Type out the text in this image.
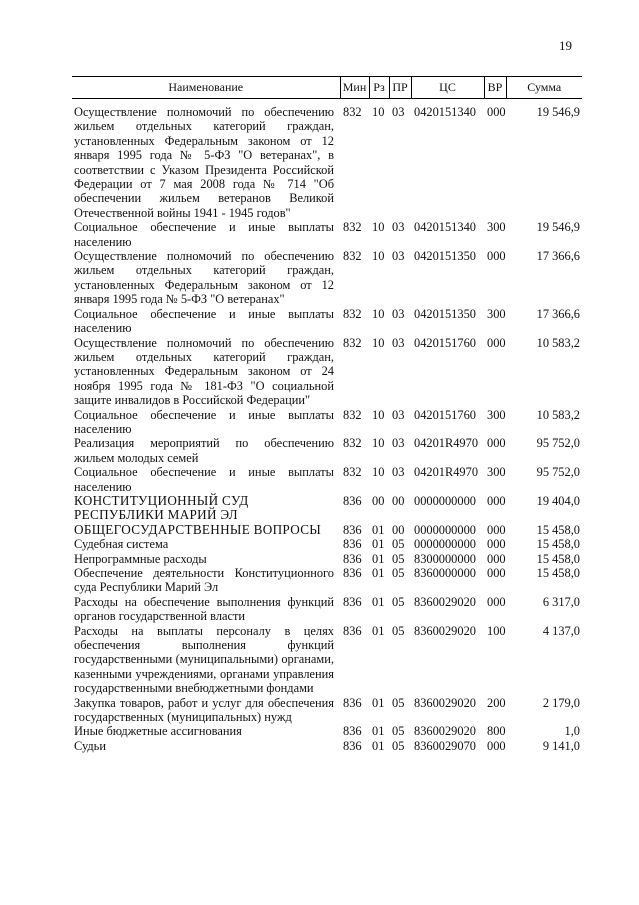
19
Наименование	Мин	Рз	ПР	ЦС	ВР	Сумма
Осуществление полномочий по обеспечению жильем отдельных категорий граждан, установленных Федеральным законом от 12 января 1995 года № 5-ФЗ "О ветеранах", в соответствии с Указом Президента Российской Федерации от 7 мая 2008 года № 714 "Об обеспечении жильем ветеранов Великой Отечественной войны 1941 - 1945 годов"	832	10	03	0420151340	000	19 546,9
Социальное обеспечение и иные выплаты населению	832	10	03	0420151340	300	19 546,9
Осуществление полномочий по обеспечению жильем отдельных категорий граждан, установленных Федеральным законом от 12 января 1995 года № 5-ФЗ "О ветеранах"	832	10	03	0420151350	000	17 366,6
Социальное обеспечение и иные выплаты населению	832	10	03	0420151350	300	17 366,6
Осуществление полномочий по обеспечению жильем отдельных категорий граждан, установленных Федеральным законом от 24 ноября 1995 года № 181-ФЗ "О социальной защите инвалидов в Российской Федерации"	832	10	03	0420151760	000	10 583,2
Социальное обеспечение и иные выплаты населению	832	10	03	0420151760	300	10 583,2
Реализация мероприятий по обеспечению жильем молодых семей	832	10	03	04201R4970	000	95 752,0
Социальное обеспечение и иные выплаты населению	832	10	03	04201R4970	300	95 752,0
КОНСТИТУЦИОННЫЙ СУД РЕСПУБЛИКИ МАРИЙ ЭЛ	836	00	00	0000000000	000	19 404,0
ОБЩЕГОСУДАРСТВЕННЫЕ ВОПРОСЫ	836	01	00	0000000000	000	15 458,0
Судебная система	836	01	05	0000000000	000	15 458,0
Непрограммные расходы	836	01	05	8300000000	000	15 458,0
Обеспечение деятельности Конституционного суда Республики Марий Эл	836	01	05	8360000000	000	15 458,0
Расходы на обеспечение выполнения функций органов государственной власти	836	01	05	8360029020	000	6 317,0
Расходы на выплаты персоналу в целях обеспечения выполнения функций государственными (муниципальными) органами, казенными учреждениями, органами управления государственными внебюджетными фондами	836	01	05	8360029020	100	4 137,0
Закупка товаров, работ и услуг для обеспечения государственных (муниципальных) нужд	836	01	05	8360029020	200	2 179,0
Иные бюджетные ассигнования	836	01	05	8360029020	800	1,0
Судьи	836	01	05	8360029070	000	9 141,0
